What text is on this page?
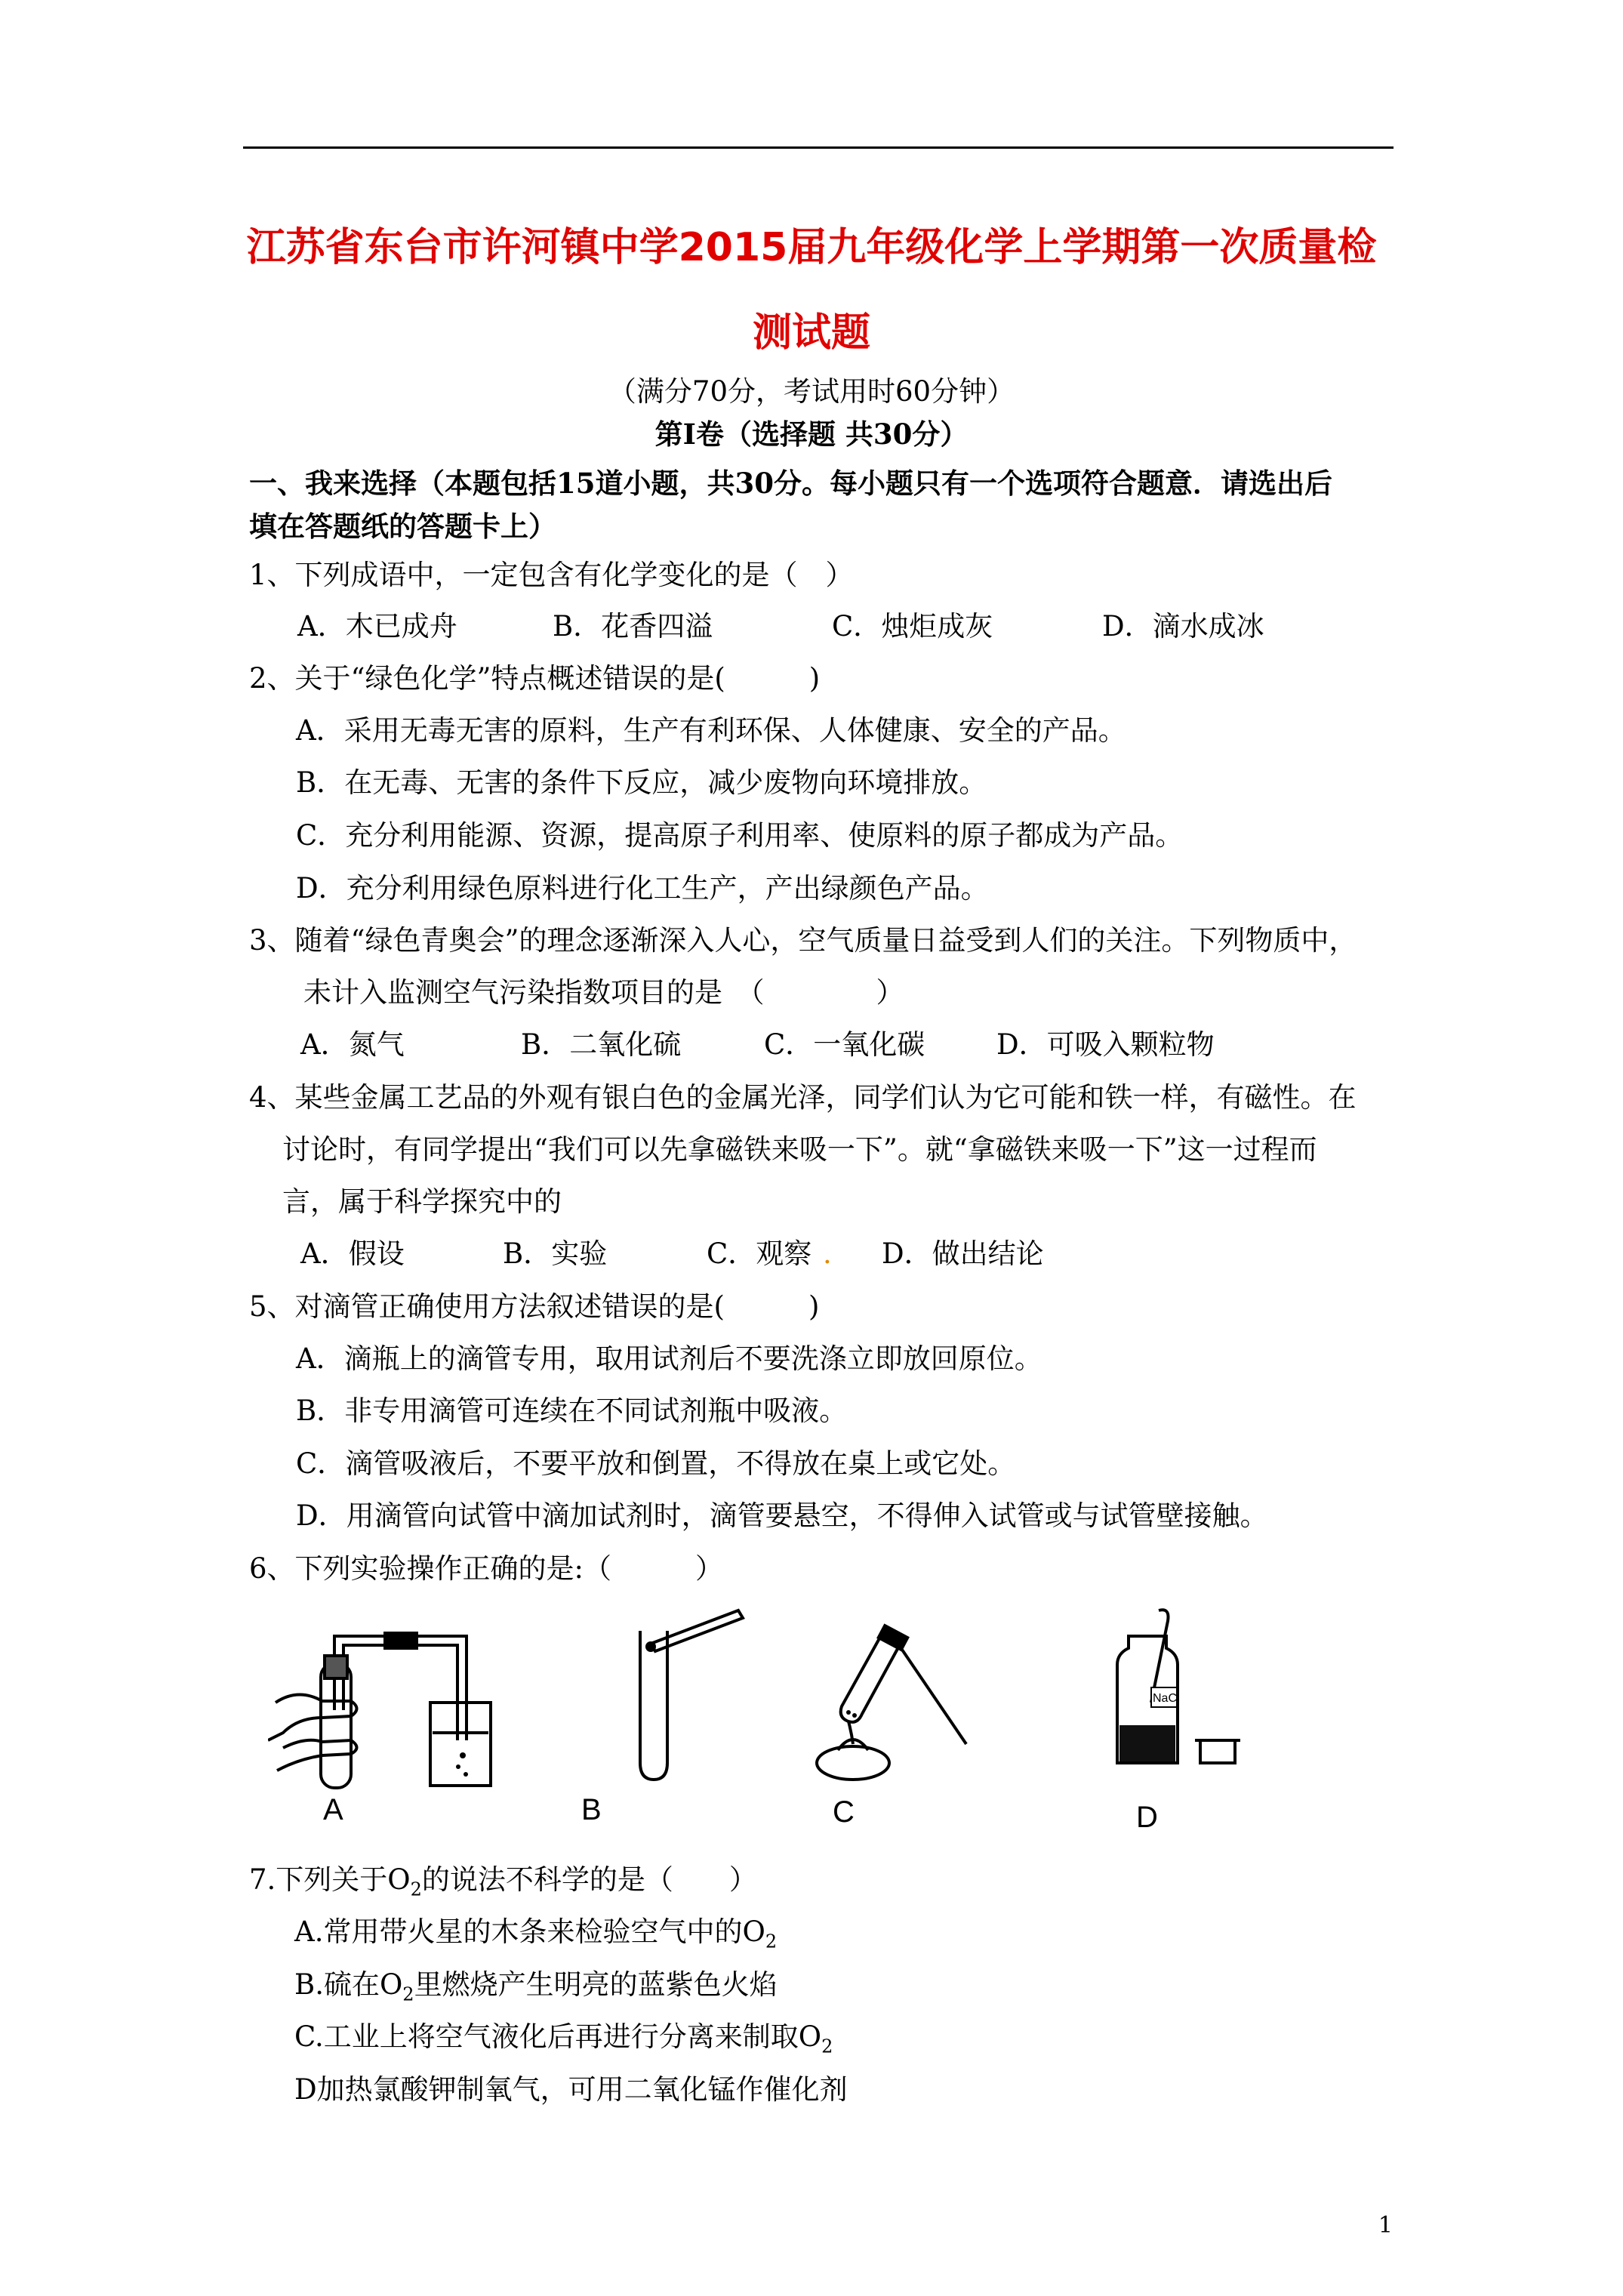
江苏省东台市许河镇中学2015届九年级化学上学期第一次质量检
测试题
（满分70分，考试用时60分钟）
第Ⅰ卷（选择题 共30分）
一、我来选择（本题包括15道小题，共30分。每小题只有一个选项符合题意．请选出后
填在答题纸的答题卡上）
1、下列成语中，一定包含有化学变化的是（　）
A．木已成舟	B．花香四溢	C．烛炬成灰	D．滴水成冰
2、关于“绿色化学”特点概述错误的是(　　　)
A．采用无毒无害的原料，生产有利环保、人体健康、安全的产品。
B．在无毒、无害的条件下反应，减少废物向环境排放。
C．充分利用能源、资源，提高原子利用率、使原料的原子都成为产品。
D．充分利用绿色原料进行化工生产，产出绿颜色产品。
3、随着“绿色青奥会”的理念逐渐深入人心，空气质量日益受到人们的关注。下列物质中，
未计入监测空气污染指数项目的是　（　　　　）
A．氮气	B．二氧化硫	C．一氧化碳	D．可吸入颗粒物
4、某些金属工艺品的外观有银白色的金属光泽，同学们认为它可能和铁一样，有磁性。在
讨论时，有同学提出“我们可以先拿磁铁来吸一下”。就“拿磁铁来吸一下”这一过程而
言，属于科学探究中的
A．假设	B．实验	C．观察 . D．做出结论
5、对滴管正确使用方法叙述错误的是(　　　)
A．滴瓶上的滴管专用，取用试剂后不要洗涤立即放回原位。
B．非专用滴管可连续在不同试剂瓶中吸液。
C．滴管吸液后，不要平放和倒置，不得放在桌上或它处。
D．用滴管向试管中滴加试剂时，滴管要悬空，不得伸入试管或与试管壁接触。
6、下列实验操作正确的是:（　　　）
A	B	C
NaCl
D
7.下列关于$O_2$的说法不科学的是（　　）
A.常用带火星的木条来检验空气中的$O_2$
B.硫在$O_2$里燃烧产生明亮的蓝紫色火焰
C.工业上将空气液化后再进行分离来制取$O_2$
D加热氯酸钾制氧气，可用二氧化锰作催化剂
1
